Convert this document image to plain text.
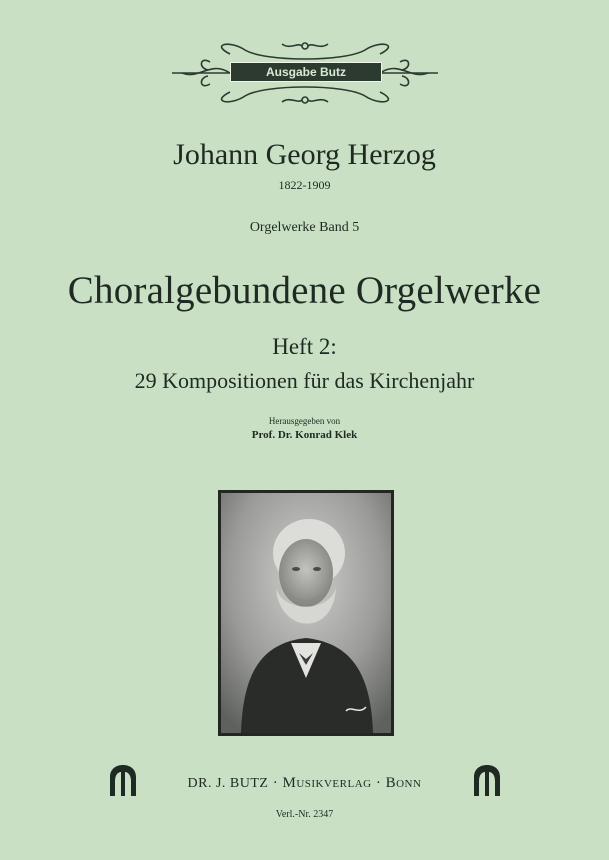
Ausgabe Butz
Johann Georg Herzog
1822-1909
Orgelwerke Band 5
Choralgebundene Orgelwerke
Heft 2:
29 Kompositionen für das Kirchenjahr
Herausgegeben von
Prof. Dr. Konrad Klek
DR. J. BUTZ · Musikverlag · Bonn
Verl.-Nr. 2347
